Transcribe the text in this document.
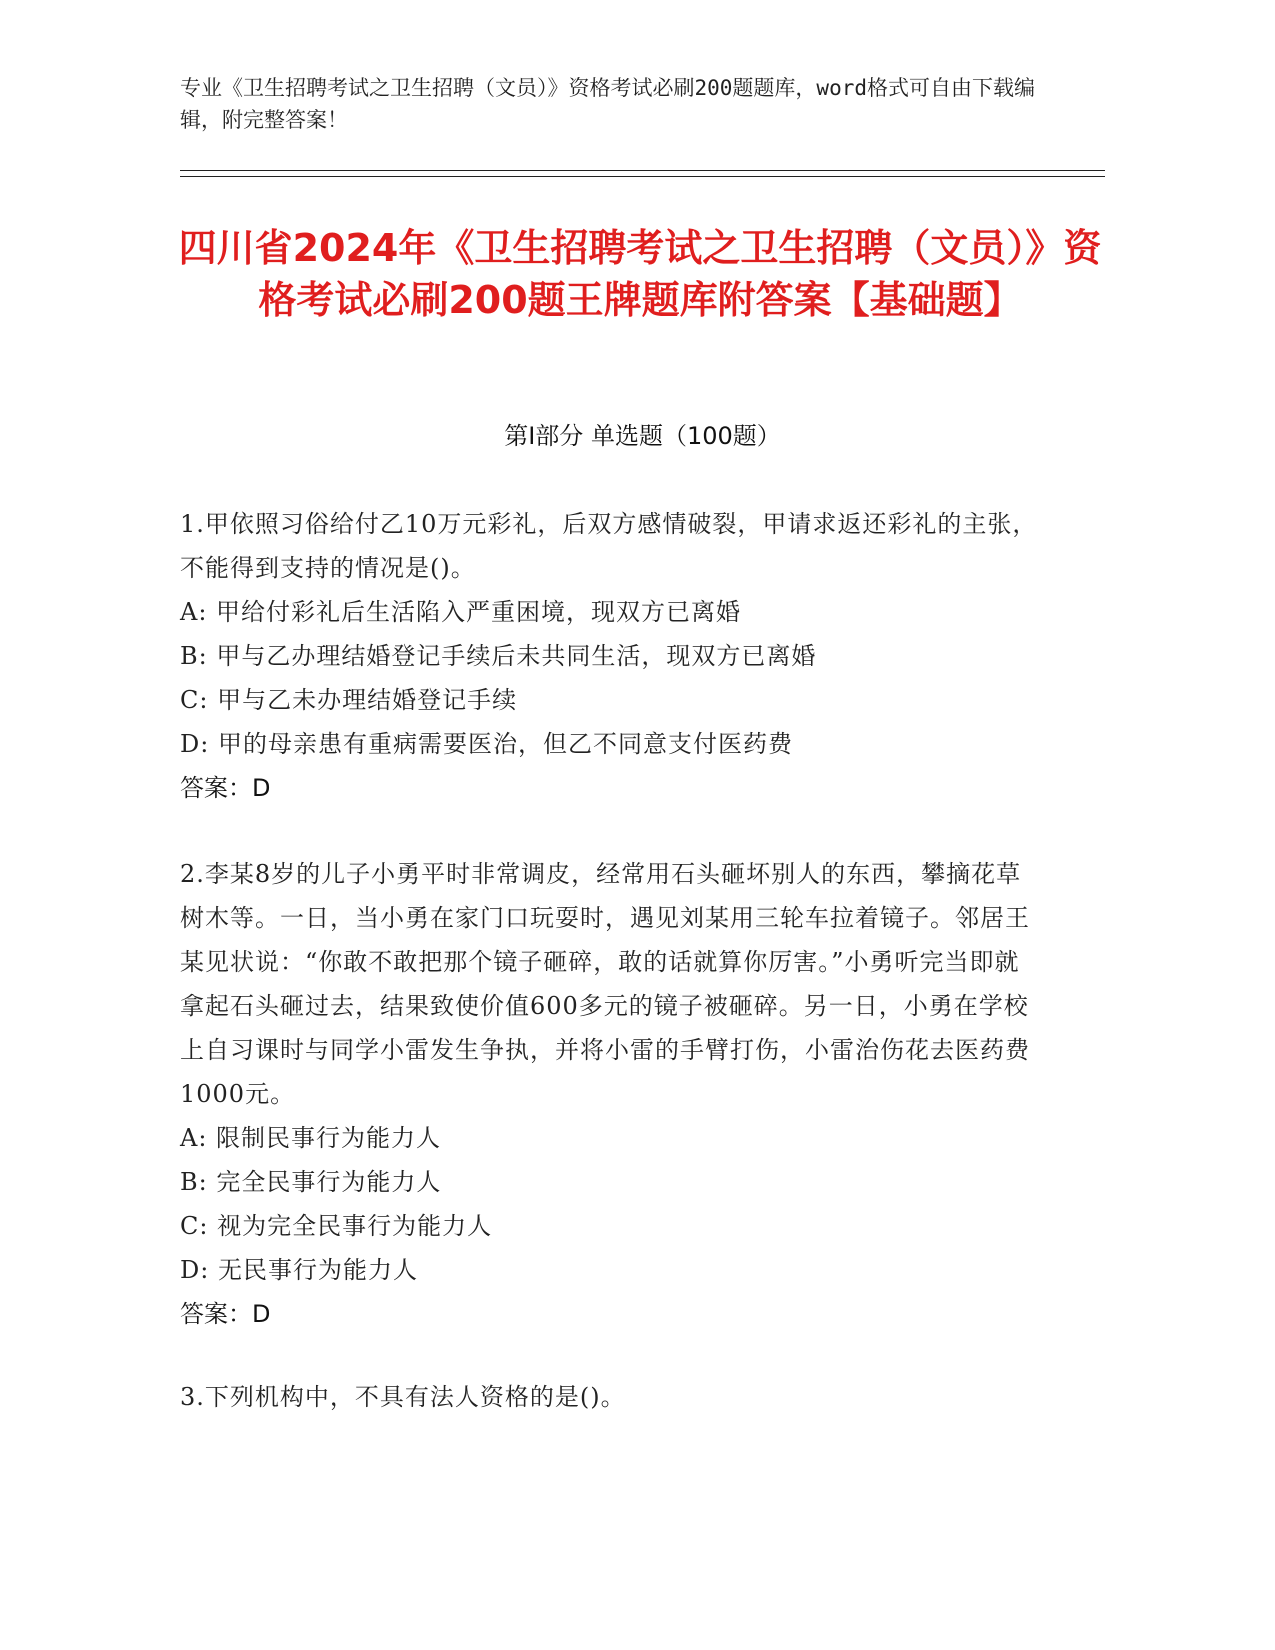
专业《卫生招聘考试之卫生招聘（文员）》资格考试必刷200题题库，word格式可自由下载编辑，附完整答案！
四川省2024年《卫生招聘考试之卫生招聘（文员）》资格考试必刷200题王牌题库附答案【基础题】
第I部分 单选题（100题）

1.甲依照习俗给付乙10万元彩礼，后双方感情破裂，甲请求返还彩礼的主张，不能得到支持的情况是()。

A: 甲给付彩礼后生活陷入严重困境，现双方已离婚

B: 甲与乙办理结婚登记手续后未共同生活，现双方已离婚

C: 甲与乙未办理结婚登记手续

D: 甲的母亲患有重病需要医治，但乙不同意支付医药费

答案：D

2.李某8岁的儿子小勇平时非常调皮，经常用石头砸坏别人的东西，攀摘花草树木等。一日，当小勇在家门口玩耍时，遇见刘某用三轮车拉着镜子。邻居王某见状说：“你敢不敢把那个镜子砸碎，敢的话就算你厉害。”小勇听完当即就拿起石头砸过去，结果致使价值600多元的镜子被砸碎。另一日，小勇在学校上自习课时与同学小雷发生争执，并将小雷的手臂打伤，小雷治伤花去医药费1000元。

A: 限制民事行为能力人

B: 完全民事行为能力人

C: 视为完全民事行为能力人

D: 无民事行为能力人

答案：D

3.下列机构中，不具有法人资格的是()。
